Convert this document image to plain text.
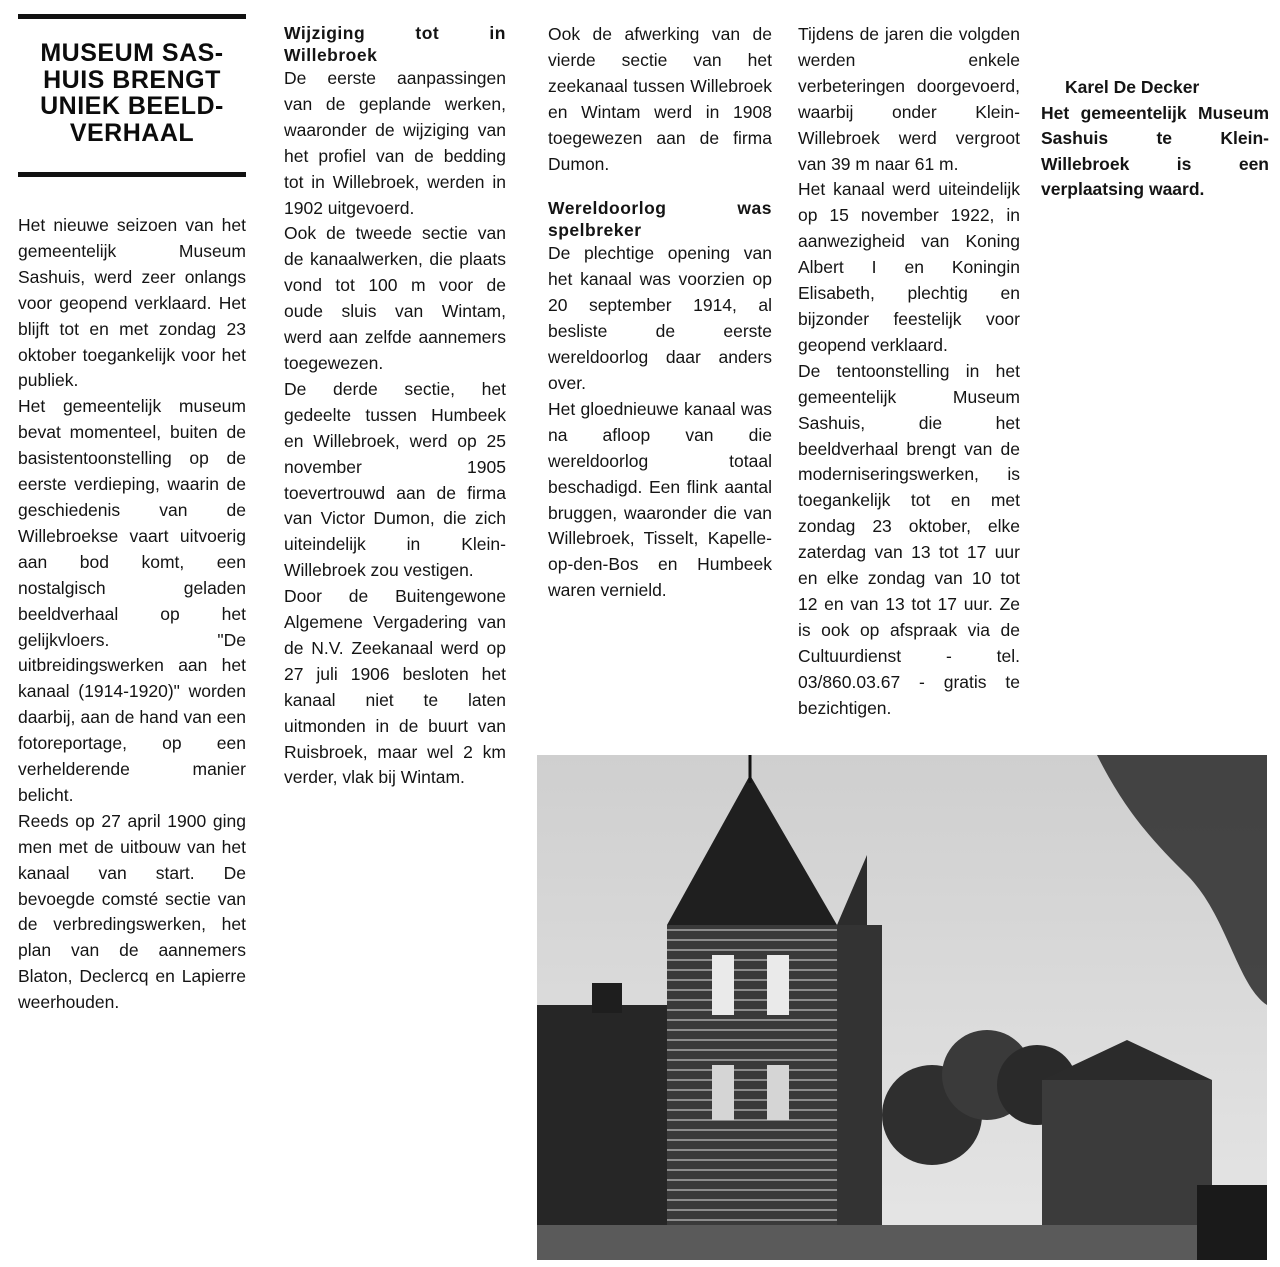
MUSEUM SAS-HUIS BRENGT UNIEK BEELD-VERHAAL

Het nieuwe seizoen van het gemeentelijk Museum Sashuis, werd zeer onlangs voor geopend verklaard. Het blijft tot en met zondag 23 oktober toegankelijk voor het publiek.

Het gemeentelijk museum bevat momenteel, buiten de basistentoonstelling op de eerste verdieping, waarin de geschiedenis van de Willebroekse vaart uitvoerig aan bod komt, een nostalgisch geladen beeldverhaal op het gelijkvloers. "De uitbreidingswerken aan het kanaal (1914-1920)" worden daarbij, aan de hand van een fotoreportage, op een verhelderende manier belicht.

Reeds op 27 april 1900 ging men met de uitbouw van het kanaal van start. De bevoegde comsté sectie van de verbredingswerken, het plan van de aannemers Blaton, Declercq en Lapierre weerhouden.

Wijziging tot in Willebroek

De eerste aanpassingen van de geplande werken, waaronder de wijziging van het profiel van de bedding tot in Willebroek, werden in 1902 uitgevoerd.

Ook de tweede sectie van de kanaalwerken, die plaats vond tot 100 m voor de oude sluis van Wintam, werd aan zelfde aannemers toegewezen.

De derde sectie, het gedeelte tussen Humbeek en Willebroek, werd op 25 november 1905 toevertrouwd aan de firma van Victor Dumon, die zich uiteindelijk in Klein-Willebroek zou vestigen.

Door de Buitengewone Algemene Vergadering van de N.V. Zeekanaal werd op 27 juli 1906 besloten het kanaal niet te laten uitmonden in de buurt van Ruisbroek, maar wel 2 km verder, vlak bij Wintam.

Ook de afwerking van de vierde sectie van het zeekanaal tussen Willebroek en Wintam werd in 1908 toegewezen aan de firma Dumon.

Wereldoorlog was spelbreker

De plechtige opening van het kanaal was voorzien op 20 september 1914, al besliste de eerste wereldoorlog daar anders over.

Het gloednieuwe kanaal was na afloop van die wereldoorlog totaal beschadigd. Een flink aantal bruggen, waaronder die van Willebroek, Tisselt, Kapelle-op-den-Bos en Humbeek waren vernield.

Tijdens de jaren die volgden werden enkele verbeteringen doorgevoerd, waarbij onder Klein-Willebroek werd vergroot van 39 m naar 61 m.

Het kanaal werd uiteindelijk op 15 november 1922, in aanwezigheid van Koning Albert I en Koningin Elisabeth, plechtig en bijzonder feestelijk voor geopend verklaard.

De tentoonstelling in het gemeentelijk Museum Sashuis, die het beeldverhaal brengt van de moderniseringswerken, is toegankelijk tot en met zondag 23 oktober, elke zaterdag van 13 tot 17 uur en elke zondag van 10 tot 12 en van 13 tot 17 uur. Ze is ook op afspraak via de Cultuurdienst - tel. 03/860.03.67 - gratis te bezichtigen.

Karel De Decker

Het gemeentelijk Museum Sashuis te Klein-Willebroek is een verplaatsing waard.
